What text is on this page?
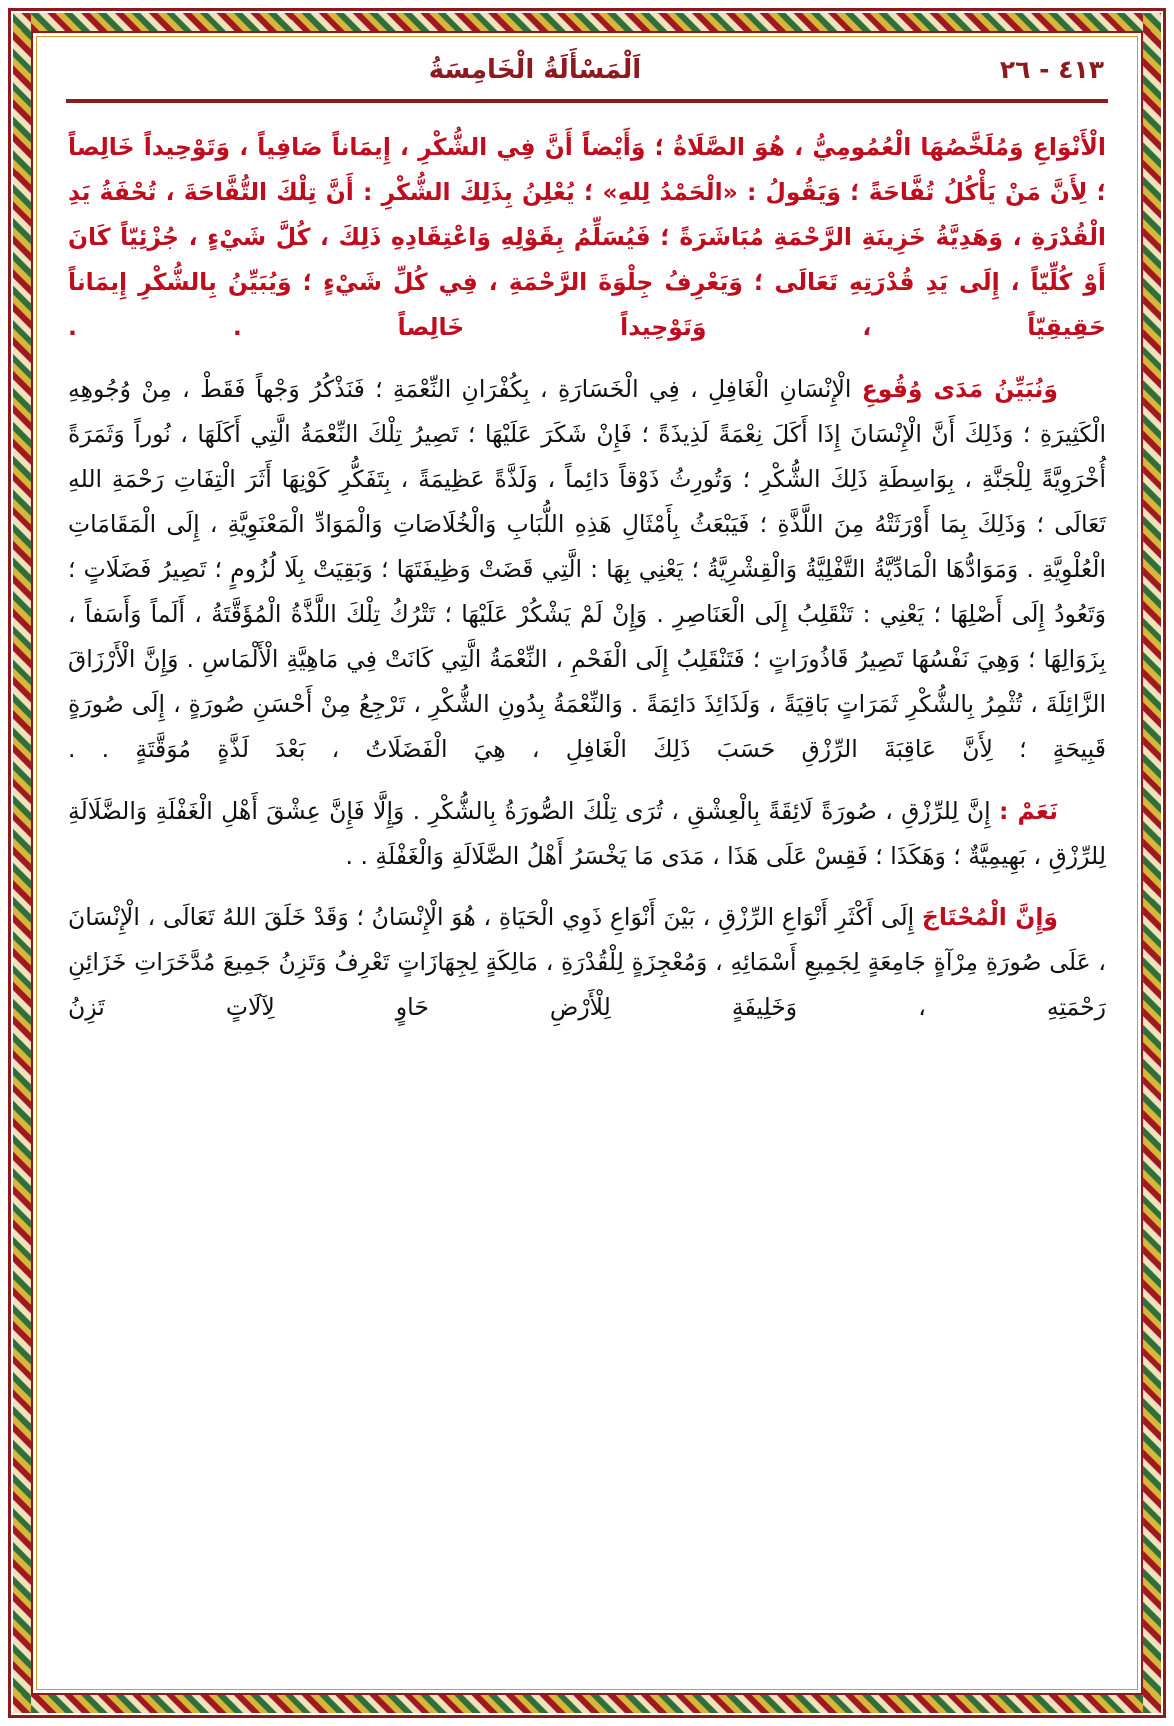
اَلْمَسْأَلَةُ الْخَامِسَةُ	٤١٣ - ٢٦

الْأَنْوَاعِ وَمُلَخَّصُهَا الْعُمُومِيُّ ، هُوَ الصَّلَاةُ ؛ وَأَيْضاً أَنَّ فِي الشُّكْرِ ، إِيمَاناً صَافِياً ، وَتَوْحِيداً خَالِصاً ؛ لِأَنَّ مَنْ يَأْكُلُ تُفَّاحَةً ؛ وَيَقُولُ : «الْحَمْدُ لِلهِ» ؛ يُعْلِنُ بِذَلِكَ الشُّكْرِ : أَنَّ تِلْكَ التُّفَّاحَةَ ، تُحْفَةُ يَدِ الْقُدْرَةِ ، وَهَدِيَّةُ خَزِينَةِ الرَّحْمَةِ مُبَاشَرَةً ؛ فَيُسَلِّمُ بِقَوْلِهِ وَاعْتِقَادِهِ ذَلِكَ ، كُلَّ شَيْءٍ ، جُزْئِيّاً كَانَ أَوْ كُلِّيّاً ، إِلَى يَدِ قُدْرَتِهِ تَعَالَى ؛ وَيَعْرِفُ جِلْوَةَ الرَّحْمَةِ ، فِي كُلِّ شَيْءٍ ؛ وَيُبَيِّنُ بِالشُّكْرِ إِيمَاناً حَقِيقِيّاً ، وَتَوْحِيداً خَالِصاً . .

وَنُبَيِّنُ مَدَى وُقُوعِ الْإِنْسَانِ الْغَافِلِ ، فِي الْخَسَارَةِ ، بِكُفْرَانِ النِّعْمَةِ ؛ فَنَذْكُرُ وَجْهاً فَقَطْ ، مِنْ وُجُوهِهِ الْكَثِيرَةِ ؛ وَذَلِكَ أَنَّ الْإِنْسَانَ إِذَا أَكَلَ نِعْمَةً لَذِيذَةً ؛ فَإِنْ شَكَرَ عَلَيْهَا ؛ تَصِيرُ تِلْكَ النِّعْمَةُ الَّتِي أَكَلَهَا ، نُوراً وَثَمَرَةً أُخْرَوِيَّةً لِلْجَنَّةِ ، بِوَاسِطَةِ ذَلِكَ الشُّكْرِ ؛ وَتُورِثُ ذَوْقاً دَائِماً ، وَلَذَّةً عَظِيمَةً ، بِتَفَكُّرِ كَوْنِهَا أَثَرَ الْتِفَاتِ رَحْمَةِ اللهِ تَعَالَى ؛ وَذَلِكَ بِمَا أَوْرَثَتْهُ مِنَ اللَّذَّةِ ؛ فَيَبْعَثُ بِأَمْثَالِ هَذِهِ اللُّبَابِ وَالْخُلَاصَاتِ وَالْمَوَادِّ الْمَعْنَوِيَّةِ ، إِلَى الْمَقَامَاتِ الْعُلْوِيَّةِ . وَمَوَادُّهَا الْمَادِّيَّةُ التَّفْلِيَّةُ وَالْقِشْرِيَّةُ ؛ يَعْنِي بِهَا : الَّتِي قَضَتْ وَظِيفَتَهَا ؛ وَبَقِيَتْ بِلَا لُزُومٍ ؛ تَصِيرُ فَضَلَاتٍ ؛ وَتَعُودُ إِلَى أَصْلِهَا ؛ يَعْنِي : تَنْقَلِبُ إِلَى الْعَنَاصِرِ . وَإِنْ لَمْ يَشْكُرْ عَلَيْهَا ؛ تَتْرُكُ تِلْكَ اللَّذَّةُ الْمُؤَقَّتَةُ ، أَلَماً وَأَسَفاً ، بِزَوَالِهَا ؛ وَهِيَ نَفْسُهَا تَصِيرُ قَاذُورَاتٍ ؛ فَتَنْقَلِبُ إِلَى الْفَحْمِ ، النِّعْمَةُ الَّتِي كَانَتْ فِي مَاهِيَّةِ الْأَلْمَاسِ . وَإِنَّ الْأَرْزَاقَ الزَّائِلَةَ ، تُثْمِرُ بِالشُّكْرِ ثَمَرَاتٍ بَاقِيَةً ، وَلَذَائِذَ دَائِمَةً . وَالنِّعْمَةُ بِدُونِ الشُّكْرِ ، تَرْجِعُ مِنْ أَحْسَنِ صُورَةٍ ، إِلَى صُورَةٍ قَبِيحَةٍ ؛ لِأَنَّ عَاقِبَةَ الرِّزْقِ حَسَبَ ذَلِكَ الْغَافِلِ ، هِيَ الْفَضَلَاتُ ، بَعْدَ لَذَّةٍ مُوَقَّتَةٍ . .

نَعَمْ : إِنَّ لِلرِّزْقِ ، صُورَةً لَائِقَةً بِالْعِشْقِ ، تُرَى تِلْكَ الصُّورَةُ بِالشُّكْرِ . وَإِلَّا فَإِنَّ عِشْقَ أَهْلِ الْغَفْلَةِ وَالضَّلَالَةِ لِلرِّزْقِ ، بَهِيمِيَّةٌ ؛ وَهَكَذَا ؛ فَقِسْ عَلَى هَذَا ، مَدَى مَا يَخْسَرُ أَهْلُ الضَّلَالَةِ وَالْغَفْلَةِ . .

وَإِنَّ الْمُحْتَاجَ إِلَى أَكْثَرِ أَنْوَاعِ الرِّزْقِ ، بَيْنَ أَنْوَاعِ ذَوِي الْحَيَاةِ ، هُوَ الْإِنْسَانُ ؛ وَقَدْ خَلَقَ اللهُ تَعَالَى ، الْإِنْسَانَ ، عَلَى صُورَةِ مِرْآةٍ جَامِعَةٍ لِجَمِيعِ أَسْمَائِهِ ، وَمُعْجِزَةٍ لِلْقُدْرَةِ ، مَالِكَةٍ لِجِهَازَاتٍ تَعْرِفُ وَتَزِنُ جَمِيعَ مُدَّخَرَاتِ خَزَائِنِ رَحْمَتِهِ ، وَخَلِيفَةٍ لِلْأَرْضِ حَاوٍ لِآلَاتٍ تَزِنُ
